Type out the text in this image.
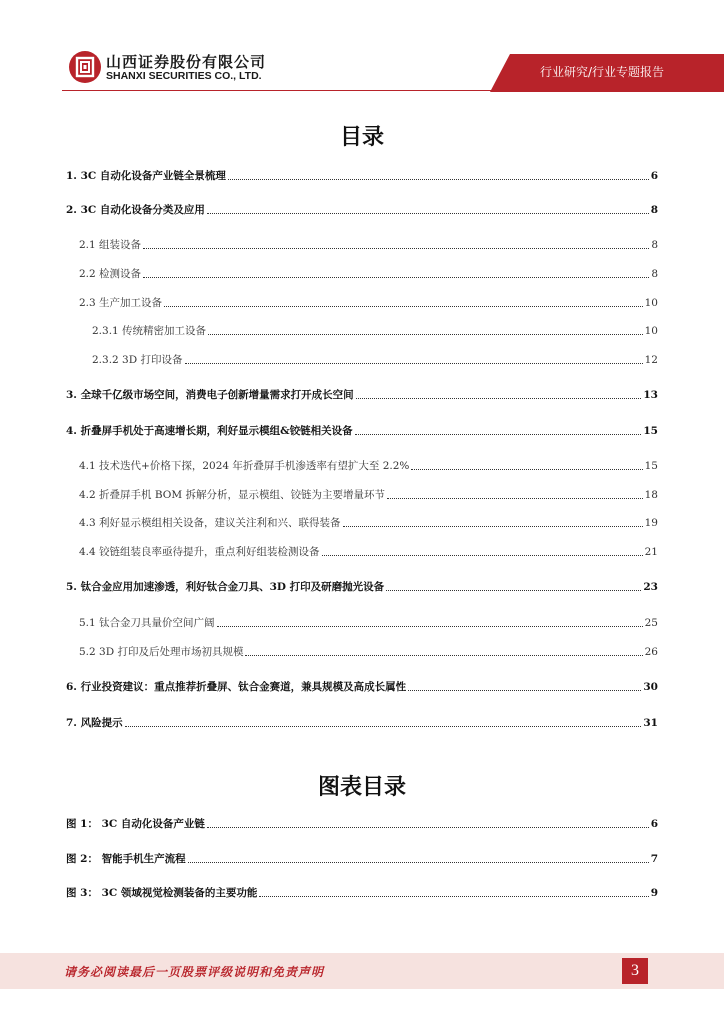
山西证券股份有限公司
SHANXI SECURITIES CO., LTD.	行业研究/行业专题报告
目录
1. 3C 自动化设备产业链全景梳理	6
2. 3C 自动化设备分类及应用	8
2.1 组装设备	8
2.2 检测设备	8
2.3 生产加工设备	10
2.3.1 传统精密加工设备	10
2.3.2 3D 打印设备	12
3. 全球千亿级市场空间，消费电子创新增量需求打开成长空间	13
4. 折叠屏手机处于高速增长期，利好显示模组&铰链相关设备	15
4.1 技术迭代+价格下探，2024 年折叠屏手机渗透率有望扩大至 2.2%	15
4.2 折叠屏手机 BOM 拆解分析，显示模组、铰链为主要增量环节	18
4.3 利好显示模组相关设备，建议关注利和兴、联得装备	19
4.4 铰链组装良率亟待提升，重点利好组装检测设备	21
5. 钛合金应用加速渗透，利好钛合金刀具、3D 打印及研磨抛光设备	23
5.1 钛合金刀具量价空间广阔	25
5.2 3D 打印及后处理市场初具规模	26
6. 行业投资建议：重点推荐折叠屏、钛合金赛道，兼具规模及高成长属性	30
7. 风险提示	31
图表目录
图 1： 3C 自动化设备产业链	6
图 2： 智能手机生产流程	7
图 3： 3C 领域视觉检测装备的主要功能	9
请务必阅读最后一页股票评级说明和免责声明	3
